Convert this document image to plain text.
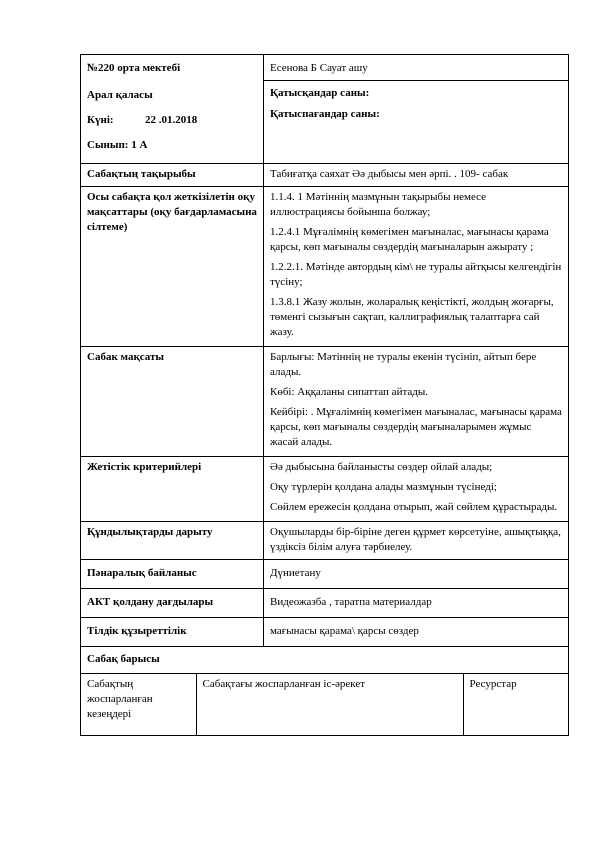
№220 орта мектебі

Арал қаласы

Күні:	22 .01.2018

Сынып: 1 А

Есенова Б Сауат ашу
Қатысқандар саны:
Қатыспағандар саны:

Сабақтың тақырыбы	Табиғатқа саяхат Әә дыбысы мен әрпі. . 109- сабак
Осы сабақта қол жеткізілетін оқу мақсаттары (оқу бағдарламасына сілтеме)	
1.1.4. 1 Мәтіннің мазмұнын тақырыбы немесе иллюстрациясы бойынша болжау;
1.2.4.1 Мұғалімнің көмегімен мағыналас, мағынасы қарама қарсы, көп мағыналы сөздердің мағыналарын ажырату ;
1.2.2.1. Мәтінде автордың кім\ не туралы айтқысы келгендігін түсіну;
1.3.8.1 Жазу жолын, жоларалық кеңістікті, жолдың жоғарғы, төменгі сызығын сақтап, каллиграфиялық талаптарға сай жазу.

Сабак мақсаты	Барлығы: Мәтіннің не туралы екенін түсініп, айтып бере алады.
Көбі: Аққаланы сипаттап айтады.
Кейбірі: . Мұғалімнің көмегімен мағыналас, мағынасы қарама қарсы, көп мағыналы сөздердің мағыналарымен жұмыс жасай алады.

Жетістік критерийлері	Әә дыбысына байланысты сөздер ойлай алады;
Оқу түрлерін қолдана алады мазмұнын түсінеді;
Сөйлем ережесін қолдана отырып, жай сөйлем құрастырады.

Құндылықтарды дарыту	Оқушыларды бір-біріне деген құрмет көрсетуіне, ашықтыққа, үздіксіз білім алуға тәрбиелеу.
Пәнаралық байланыс	Дүниетану
АКТ қолдану дағдылары	Видеожазба , таратпа материалдар
Тілдік құзыреттілік	мағынасы қарама\ қарсы сөздер
Сабақ барысы

Сабақтың жоспарланған кезеңдері	Сабақтағы жоспарланған іс-әрекет	Ресурстар
